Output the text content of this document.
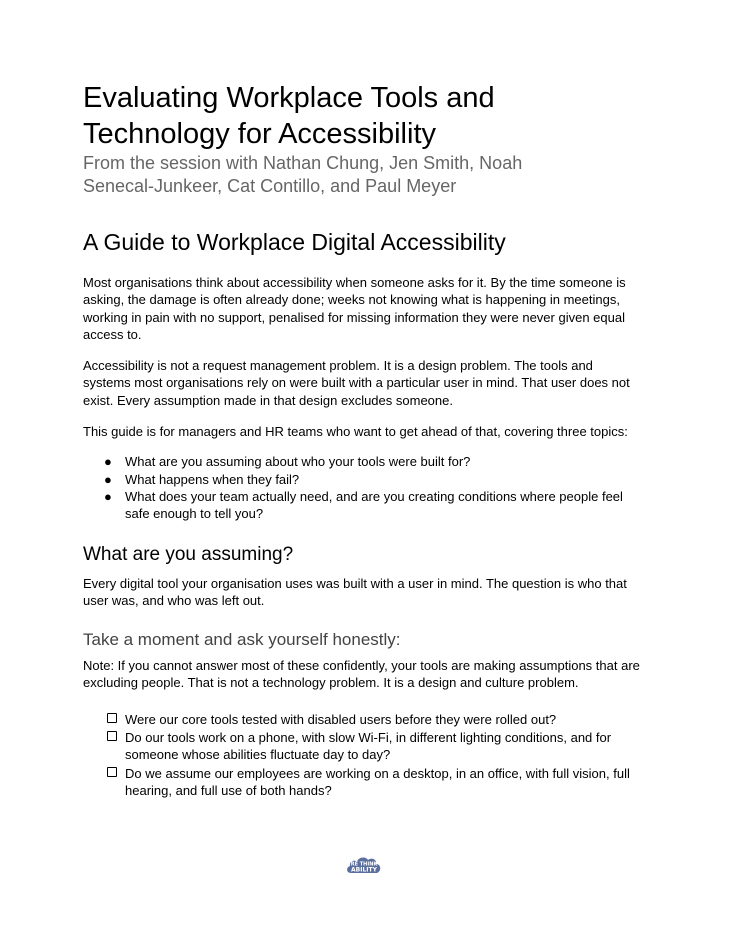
Evaluating Workplace Tools and
Technology for Accessibility
From the session with Nathan Chung, Jen Smith, Noah
Senecal-Junkeer, Cat Contillo, and Paul Meyer
A Guide to Workplace Digital Accessibility

Most organisations think about accessibility when someone asks for it. By the time someone is asking, the damage is often already done; weeks not knowing what is happening in meetings, working in pain with no support, penalised for missing information they were never given equal access to.

Accessibility is not a request management problem. It is a design problem. The tools and systems most organisations rely on were built with a particular user in mind. That user does not exist. Every assumption made in that design excludes someone.

This guide is for managers and HR teams who want to get ahead of that, covering three topics:

● What are you assuming about who your tools were built for?
● What happens when they fail?
● What does your team actually need, and are you creating conditions where people feel safe enough to tell you?
What are you assuming?

Every digital tool your organisation uses was built with a user in mind. The question is who that user was, and who was left out.

Take a moment and ask yourself honestly:

Note: If you cannot answer most of these confidently, your tools are making assumptions that are excluding people. That is not a technology problem. It is a design and culture problem.

Were our core tools tested with disabled users before they were rolled out?
Do our tools work on a phone, with slow Wi-Fi, in different lighting conditions, and for someone whose abilities fluctuate day to day?
Do we assume our employees are working on a desktop, in an office, with full vision, full hearing, and full use of both hands?
RE THINK
ABILITY
